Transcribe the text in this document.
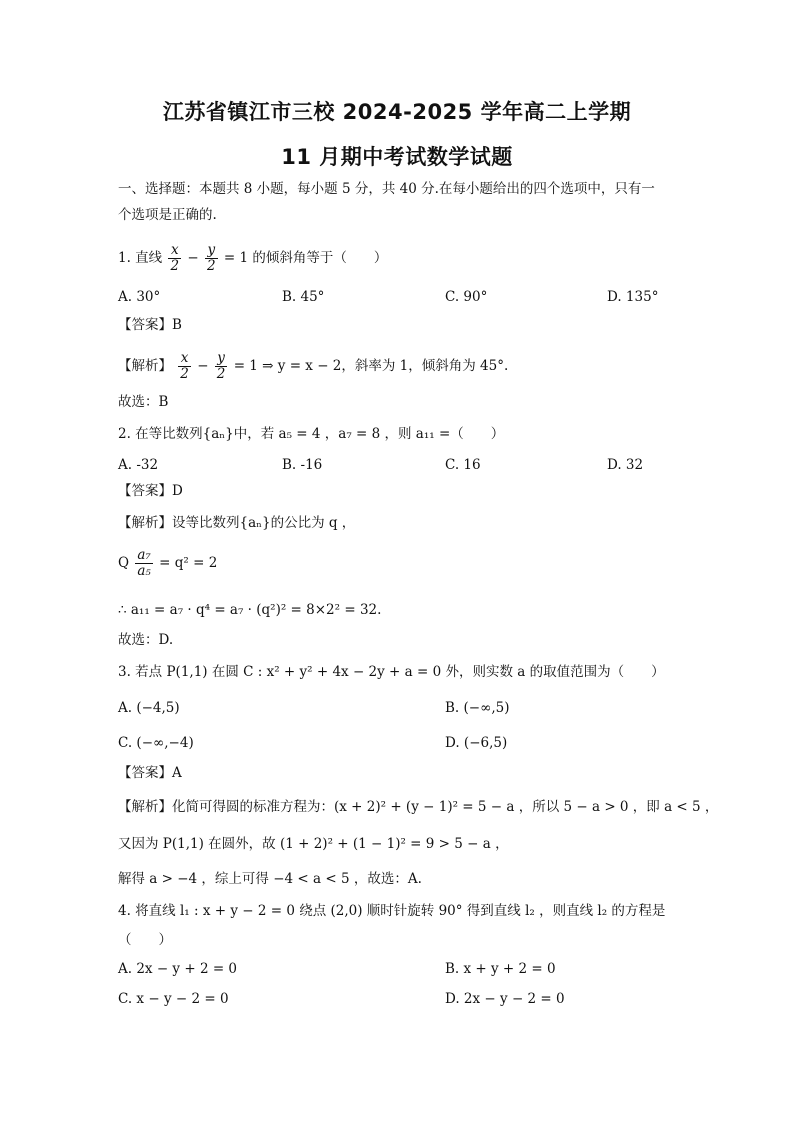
江苏省镇江市三校 2024-2025 学年高二上学期
11 月期中考试数学试题
一、选择题：本题共 8 小题，每小题 5 分，共 40 分.在每小题给出的四个选项中，只有一
个选项是正确的.
1. 直线 $\frac{x}{2} - \frac{y}{2} = 1$ 的倾斜角等于（　　）
A. 30°	B. 45°	C. 90°	D. 135°
【答案】B
【解析】 $\frac{x}{2} - \frac{y}{2} = 1$ ⇒ y = x − 2，斜率为 1，倾斜角为 45°.
故选：B
2. 在等比数列{aₙ}中，若 a₅ = 4 ，a₇ = 8 ，则 a₁₁ =（　　）
A. -32	B. -16	C. 16	D. 32
【答案】D
【解析】设等比数列{aₙ}的公比为 q ，
Q $\frac{\text{a₇}}{\text{a₅}} = q^2 = 2$
∴ a₁₁ = a₇ · q⁴ = a₇ · (q²)² = 8×2² = 32.
故选：D.
3. 若点 P(1,1) 在圆 C : x² + y² + 4x − 2y + a = 0 外，则实数 a 的取值范围为（　　）
A. (−4,5)	B. (−∞,5)
C. (−∞,−4)	D. (−6,5)
【答案】A
【解析】化简可得圆的标准方程为：(x + 2)² + (y − 1)² = 5 − a ，所以 5 − a > 0 ，即 a < 5 ，
又因为 P(1,1) 在圆外，故 (1 + 2)² + (1 − 1)² = 9 > 5 − a ，
解得 a > −4 ，综上可得 −4 < a < 5 ，故选：A.
4. 将直线 l₁ : x + y − 2 = 0 绕点 (2,0) 顺时针旋转 90° 得到直线 l₂ ，则直线 l₂ 的方程是
（　　）
A. 2x − y + 2 = 0	B. x + y + 2 = 0
C. x − y − 2 = 0	D. 2x − y − 2 = 0
